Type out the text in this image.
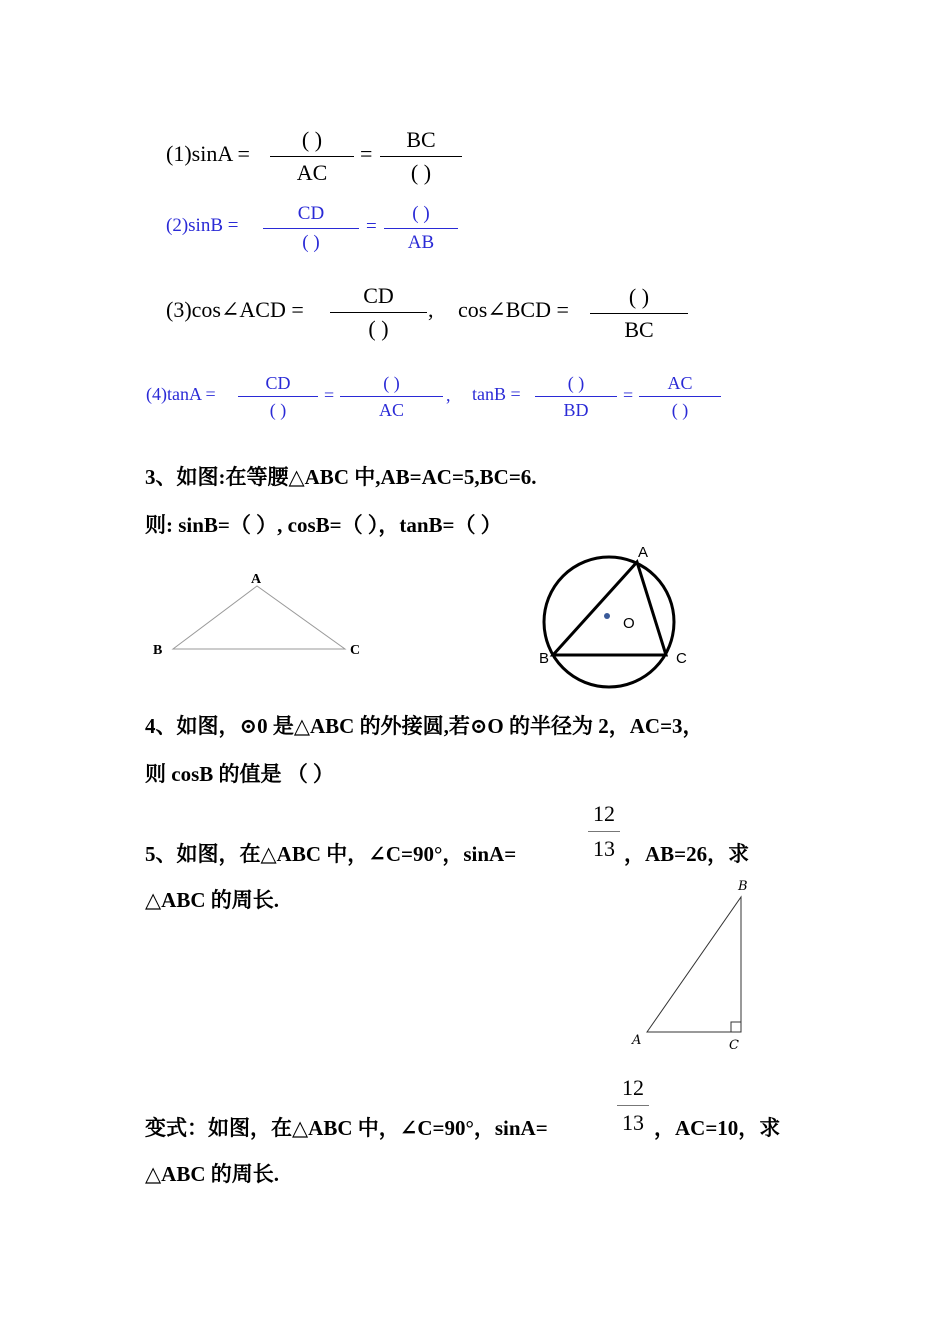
(1)sinA =
( )
AC
=
BC
( )
(2)sinB =
CD
( )
=
( )
AB
(3)cos∠ACD =
CD
( )
, cos∠BCD =
( )
BC
(4)tanA =
CD
( )
=
( )
AC
, tanB =
( )
BD
=
AC
( )
3、如图:在等腰△ABC 中,AB=AC=5,BC=6.
则: sinB=（ ）, cosB=（ ），tanB=（ ）
A
B	C
O
A
B	C
4、如图，⊙0 是△ABC 的外接圆,若⊙O 的半径为 2，AC=3，
则 cosB 的值是 （ ）
5、如图，在△ABC 中，∠C=90°，sinA=
12
13 ，AB=26，求
△ABC 的周长.
B
A	C
变式：如图，在△ABC 中，∠C=90°，sinA=
12
13 ，AC=10，求
△ABC 的周长.
